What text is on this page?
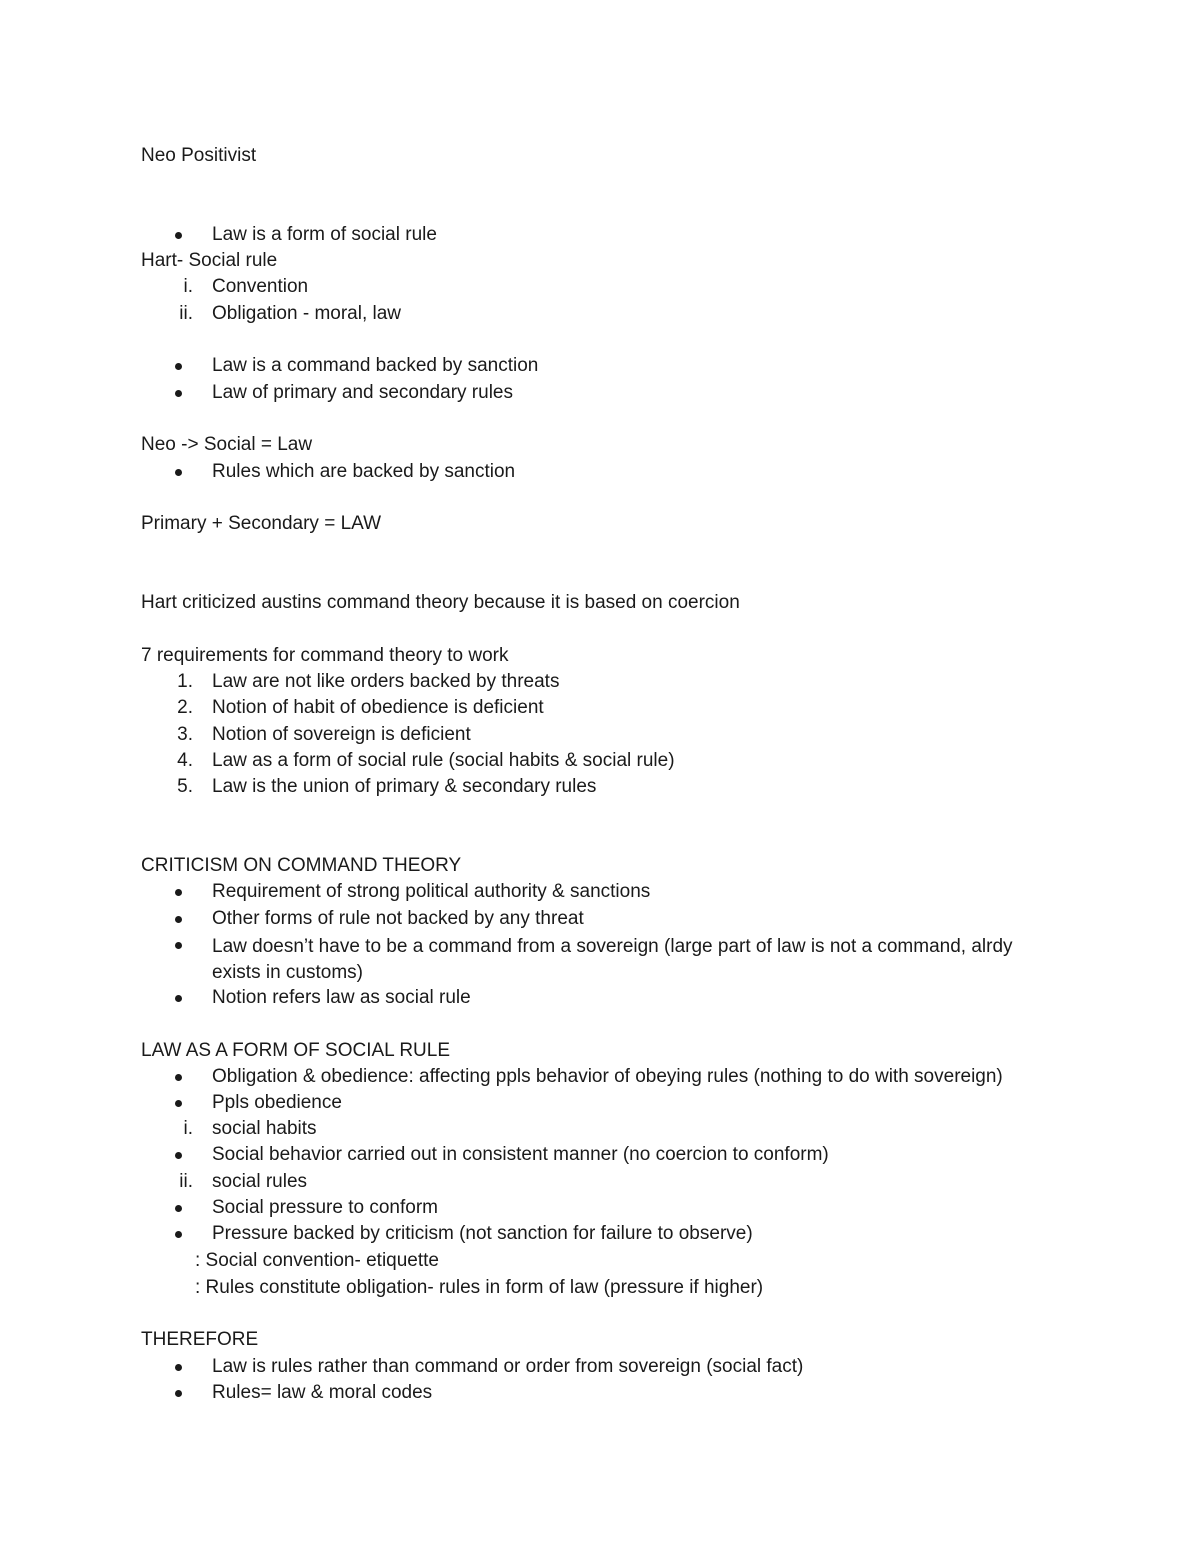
Neo Positivist
Law is a form of social rule
Hart- Social rule
i. Convention
ii. Obligation - moral, law
Law is a command backed by sanction
Law of primary and secondary rules
Neo -> Social = Law
Rules which are backed by sanction
Primary + Secondary = LAW
Hart criticized austins command theory because it is based on coercion
7 requirements for command theory to work
1. Law are not like orders backed by threats
2. Notion of habit of obedience is deficient
3. Notion of sovereign is deficient
4. Law as a form of social rule (social habits & social rule)
5. Law is the union of primary & secondary rules
CRITICISM ON COMMAND THEORY
Requirement of strong political authority & sanctions
Other forms of rule not backed by any threat
Law doesn’t have to be a command from a sovereign (large part of law is not a command, alrdy exists in customs)
Notion refers law as social rule
LAW AS A FORM OF SOCIAL RULE
Obligation & obedience: affecting ppls behavior of obeying rules (nothing to do with sovereign)
Ppls obedience
i. social habits
Social behavior carried out in consistent manner (no coercion to conform)
ii. social rules
Social pressure to conform
Pressure backed by criticism (not sanction for failure to observe)
: Social convention- etiquette
: Rules constitute obligation- rules in form of law (pressure if higher)
THEREFORE
Law is rules rather than command or order from sovereign (social fact)
Rules= law & moral codes
